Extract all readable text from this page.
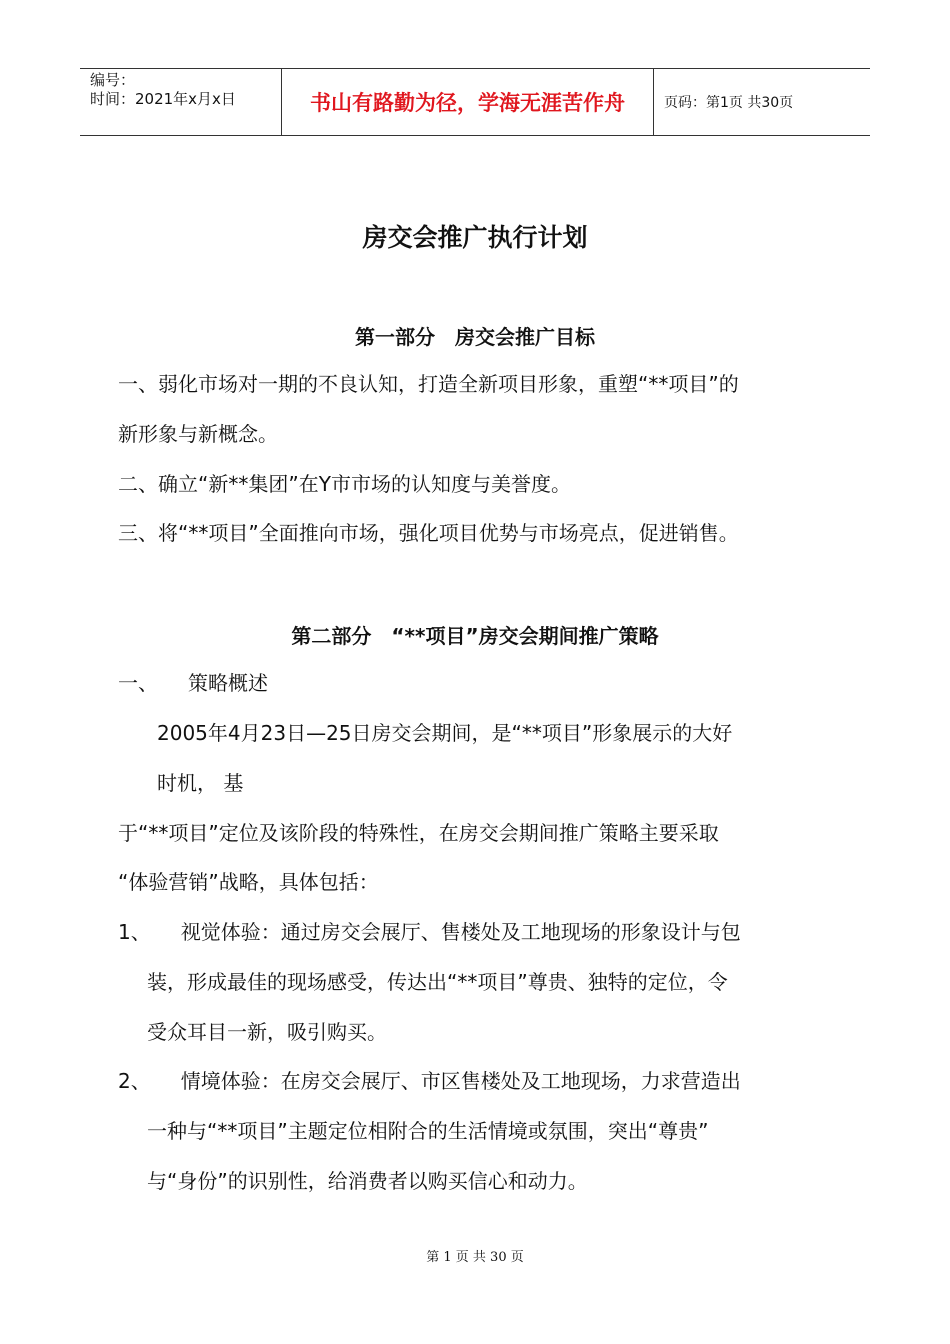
编号：
时间：2021年x月x日	书山有路勤为径，学海无涯苦作舟	页码：第1页 共30页
房交会推广执行计划
第一部分　房交会推广目标

一、弱化市场对一期的不良认知，打造全新项目形象，重塑“**项目”的

新形象与新概念。

二、确立“新**集团”在Y市市场的认知度与美誉度。

三、将“**项目”全面推向市场，强化项目优势与市场亮点，促进销售。

第二部分　“**项目”房交会期间推广策略

一、　　策略概述

2005年4月23日—25日房交会期间，是“**项目”形象展示的大好

时机， 基

于“**项目”定位及该阶段的特殊性，在房交会期间推广策略主要采取

“体验营销”战略，具体包括：

1、　　视觉体验：通过房交会展厅、售楼处及工地现场的形象设计与包

装，形成最佳的现场感受，传达出“**项目”尊贵、独特的定位，令

受众耳目一新，吸引购买。

2、　　情境体验：在房交会展厅、市区售楼处及工地现场，力求营造出

一种与“**项目”主题定位相附合的生活情境或氛围，突出“尊贵”

与“身份”的识别性，给消费者以购买信心和动力。

第 1 页 共 30 页
